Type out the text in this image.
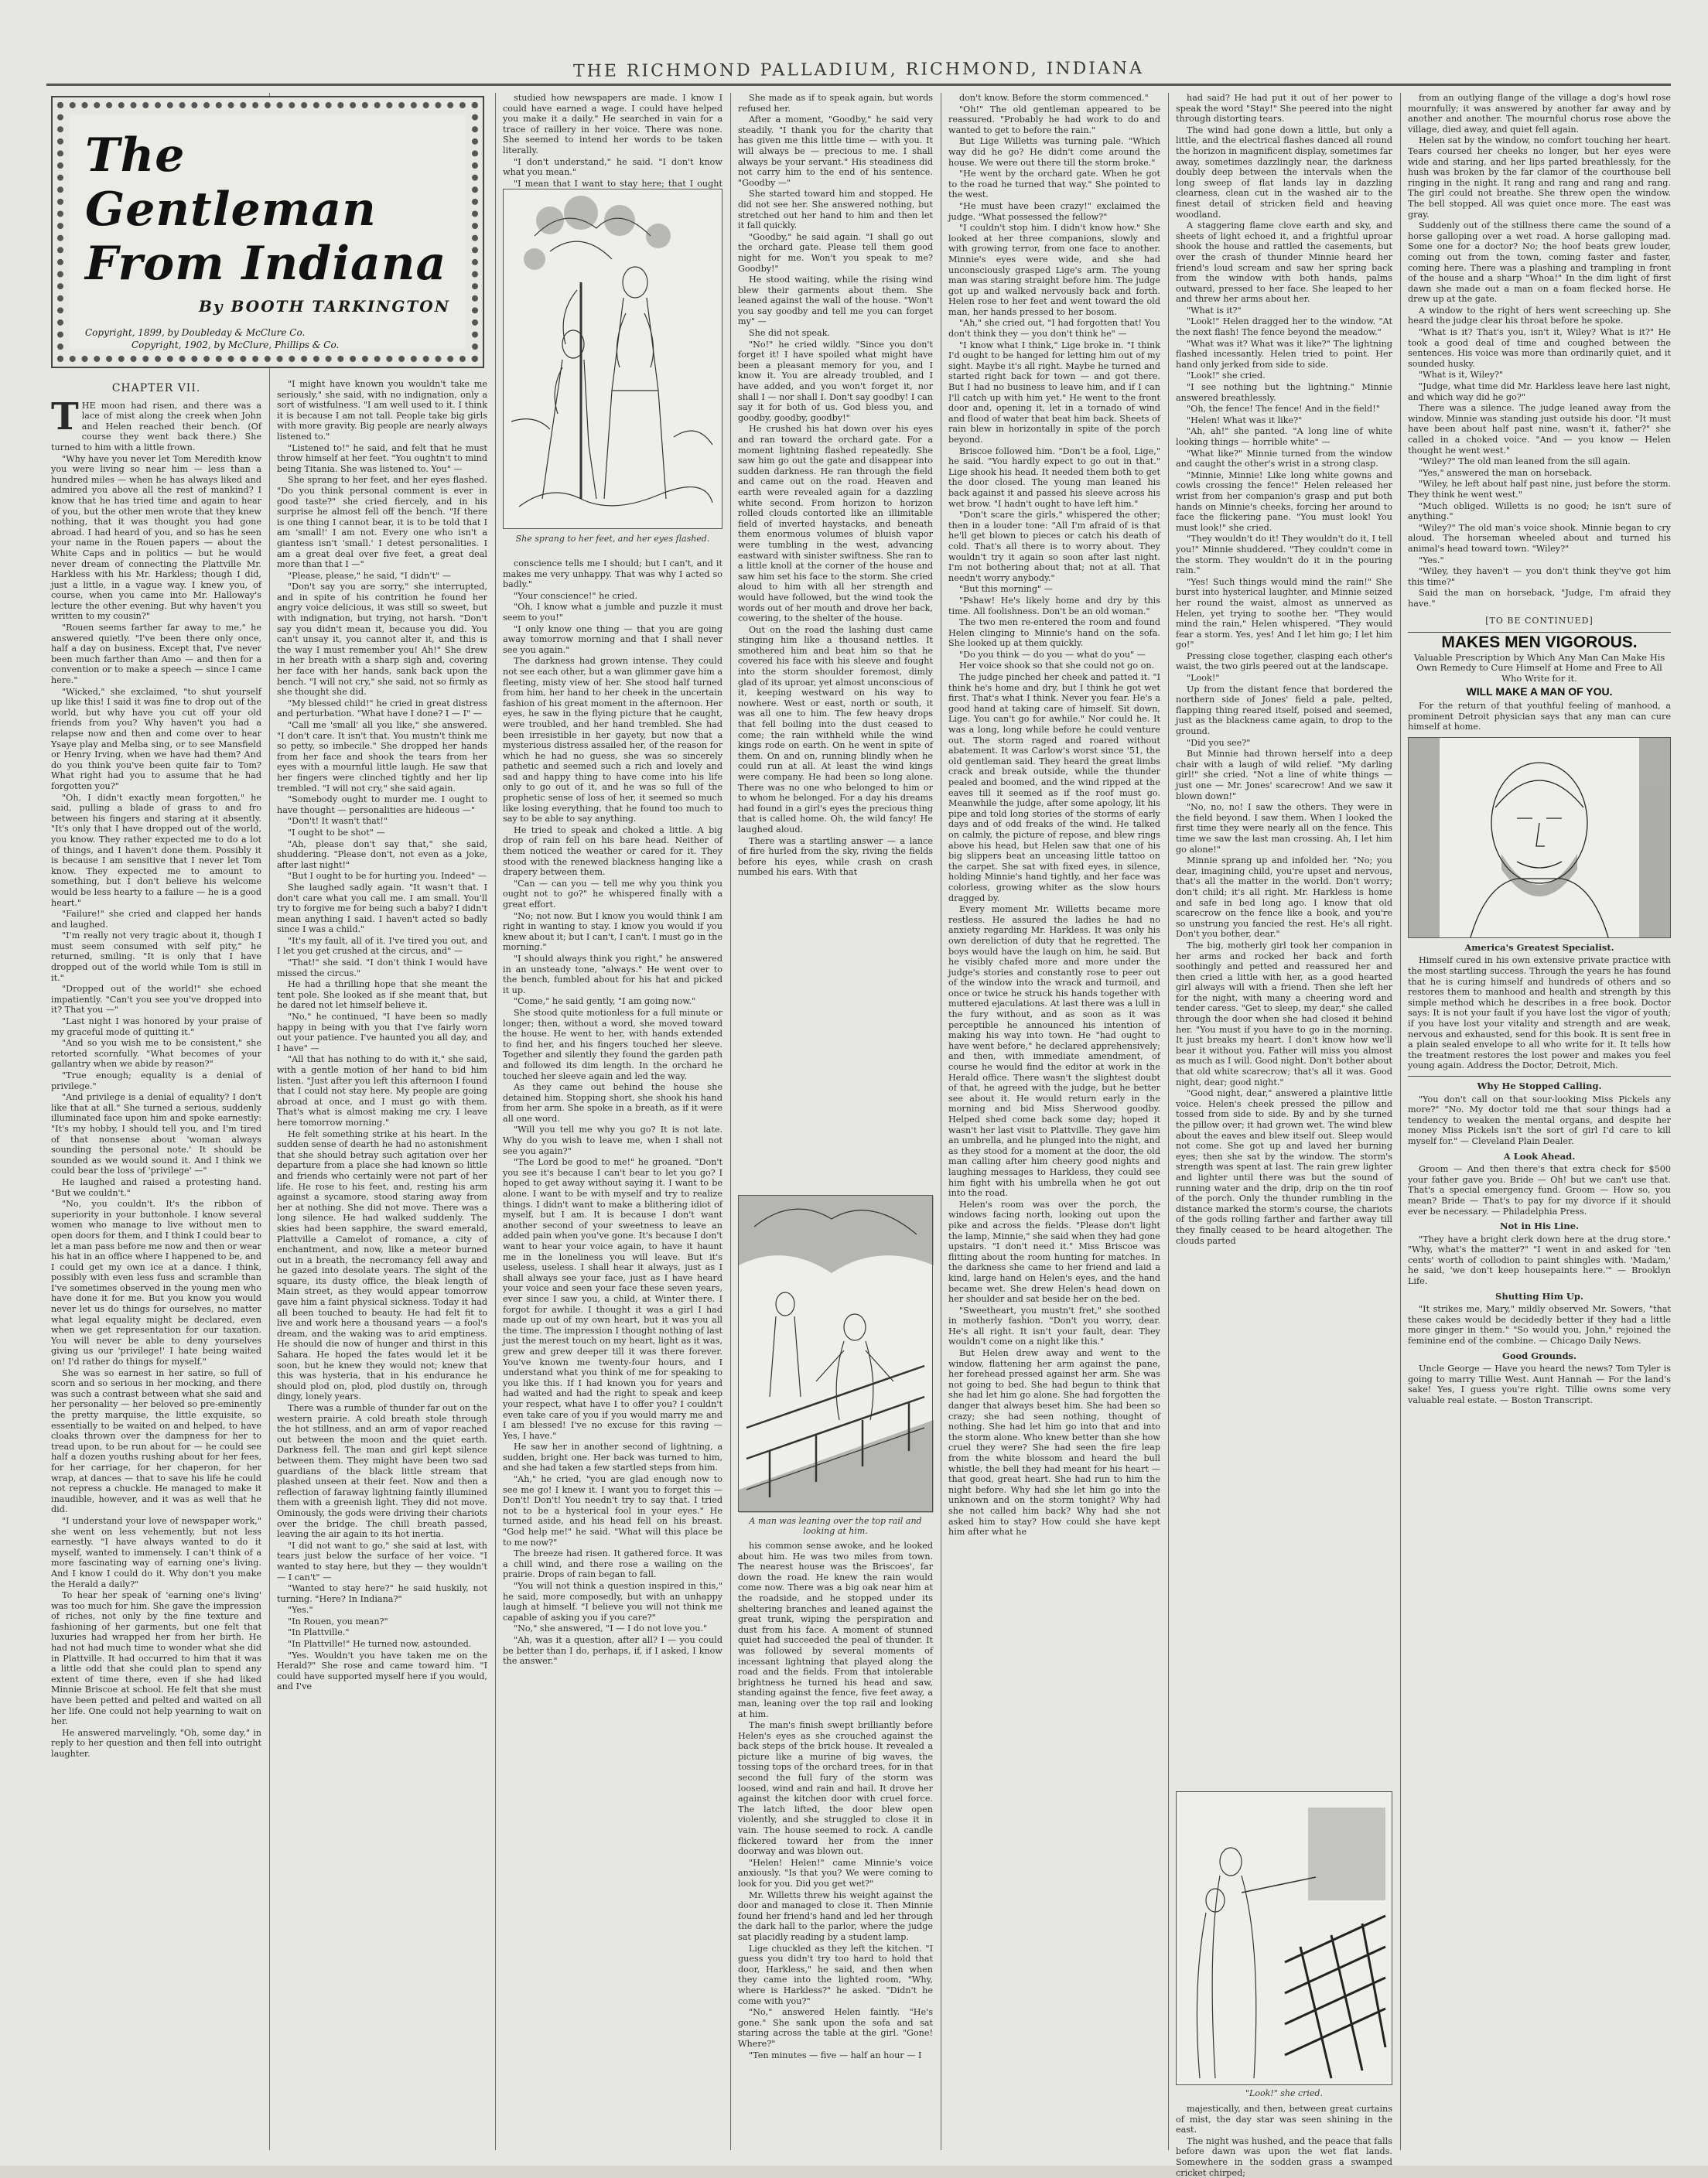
THE RICHMOND PALLADIUM, RICHMOND, INDIANA
The Gentleman
From Indiana
By BOOTH TARKINGTON
Copyright, 1899, by Doubleday & McClure Co.
Copyright, 1902, by McClure, Phillips & Co.
CHAPTER VII.

THE moon had risen, and there was a lace of mist along the creek when John and Helen reached their bench. (Of course they went back there.) She turned to him with a little frown.

"Why have you never let Tom Meredith know you were living so near him — less than a hundred miles — when he has always liked and admired you above all the rest of mankind? I know that he has tried time and again to hear of you, but the other men wrote that they knew nothing, that it was thought you had gone abroad. I had heard of you, and so has he seen your name in the Rouen papers — about the White Caps and in politics — but he would never dream of connecting the Plattville Mr. Harkless with his Mr. Harkless; though I did, just a little, in a vague way. I knew you, of course, when you came into Mr. Halloway's lecture the other evening. But why haven't you written to my cousin?"

"Rouen seems farther far away to me," he answered quietly. "I've been there only once, half a day on business. Except that, I've never been much farther than Amo — and then for a convention or to make a speech — since I came here."

"Wicked," she exclaimed, "to shut yourself up like this! I said it was fine to drop out of the world, but why have you cut off your old friends from you? Why haven't you had a relapse now and then and come over to hear Ysaye play and Melba sing, or to see Mansfield or Henry Irving, when we have had them? And do you think you've been quite fair to Tom? What right had you to assume that he had forgotten you?"

"Oh, I didn't exactly mean forgotten," he said, pulling a blade of grass to and fro between his fingers and staring at it absently. "It's only that I have dropped out of the world, you know. They rather expected me to do a lot of things, and I haven't done them. Possibly it is because I am sensitive that I never let Tom know. They expected me to amount to something, but I don't believe his welcome would be less hearty to a failure — he is a good heart."

"Failure!" she cried and clapped her hands and laughed.

"I'm really not very tragic about it, though I must seem consumed with self pity," he returned, smiling. "It is only that I have dropped out of the world while Tom is still in it."

"Dropped out of the world!" she echoed impatiently. "Can't you see you've dropped into it? That you —"

"Last night I was honored by your praise of my graceful mode of quitting it."

"And so you wish me to be consistent," she retorted scornfully. "What becomes of your gallantry when we abide by reason?"

"True enough; equality is a denial of privilege."

"And privilege is a denial of equality? I don't like that at all." She turned a serious, suddenly illuminated face upon him and spoke earnestly: "It's my hobby, I should tell you, and I'm tired of that nonsense about 'woman always sounding the personal note.' It should be sounded as we would sound it. And I think we could bear the loss of 'privilege' —"

He laughed and raised a protesting hand. "But we couldn't."

"No, you couldn't. It's the ribbon of superiority in your buttonhole. I know several women who manage to live without men to open doors for them, and I think I could bear to let a man pass before me now and then or wear his hat in an office where I happened to be, and I could get my own ice at a dance. I think, possibly with even less fuss and scramble than I've sometimes observed in the young men who have done it for me. But you know you would never let us do things for ourselves, no matter what legal equality might be declared, even when we get representation for our taxation. You will never be able to deny yourselves giving us our 'privilege!' I hate being waited on! I'd rather do things for myself."

She was so earnest in her satire, so full of scorn and so serious in her mocking, and there was such a contrast between what she said and her personality — her beloved so pre-eminently the pretty marquise, the little exquisite, so essentially to be waited on and helped, to have cloaks thrown over the dampness for her to tread upon, to be run about for — he could see half a dozen youths rushing about for her fees, for her carriage, for her chaperon, for her wrap, at dances — that to save his life he could not repress a chuckle. He managed to make it inaudible, however, and it was as well that he did.

"I understand your love of newspaper work," she went on less vehemently, but not less earnestly. "I have always wanted to do it myself, wanted to immensely. I can't think of a more fascinating way of earning one's living. And I know I could do it. Why don't you make the Herald a daily?"

To hear her speak of 'earning one's living' was too much for him. She gave the impression of riches, not only by the fine texture and fashioning of her garments, but one felt that luxuries had wrapped her from her birth. He had not had much time to wonder what she did in Plattville. It had occurred to him that it was a little odd that she could plan to spend any extent of time there, even if she had liked Minnie Briscoe at school. He felt that she must have been petted and pelted and waited on all her life. One could not help yearning to wait on her.

He answered marvelingly, "Oh, some day," in reply to her question and then fell into outright laughter.

"I might have known you wouldn't take me seriously," she said, with no indignation, only a sort of wistfulness. "I am well used to it. I think it is because I am not tall. People take big girls with more gravity. Big people are nearly always listened to."

"Listened to!" he said, and felt that he must throw himself at her feet. "You oughtn't to mind being Titania. She was listened to. You" —

She sprang to her feet, and her eyes flashed. "Do you think personal comment is ever in good taste?" she cried fiercely, and in his surprise he almost fell off the bench. "If there is one thing I cannot bear, it is to be told that I am 'small!' I am not. Every one who isn't a giantess isn't 'small.' I detest personalities. I am a great deal over five feet, a great deal more than that I —"

"Please, please," he said, "I didn't" —

"Don't say you are sorry," she interrupted, and in spite of his contrition he found her angry voice delicious, it was still so sweet, but with indignation, but trying, not harsh. "Don't say you didn't mean it, because you did. You can't unsay it, you cannot alter it, and this is the way I must remember you! Ah!" She drew in her breath with a sharp sigh and, covering her face with her hands, sank back upon the bench. "I will not cry," she said, not so firmly as she thought she did.

"My blessed child!" he cried in great distress and perturbation. "What have I done? I — I" —

"Call me 'small' all you like," she answered. "I don't care. It isn't that. You mustn't think me so petty, so imbecile." She dropped her hands from her face and shook the tears from her eyes with a mournful little laugh. He saw that her fingers were clinched tightly and her lip trembled. "I will not cry," she said again.

"Somebody ought to murder me. I ought to have thought — personalities are hideous —"

"Don't! It wasn't that!"

"I ought to be shot" —

"Ah, please don't say that," she said, shuddering. "Please don't, not even as a joke, after last night!"

"But I ought to be for hurting you. Indeed" —

She laughed sadly again. "It wasn't that. I don't care what you call me. I am small. You'll try to forgive me for being such a baby? I didn't mean anything I said. I haven't acted so badly since I was a child."

"It's my fault, all of it. I've tired you out, and I let you get crushed at the circus, and" —

"That!" she said. "I don't think I would have missed the circus."

He had a thrilling hope that she meant the tent pole. She looked as if she meant that, but he dared not let himself believe it.

"No," he continued, "I have been so madly happy in being with you that I've fairly worn out your patience. I've haunted you all day, and I have" —

"All that has nothing to do with it," she said, with a gentle motion of her hand to bid him listen. "Just after you left this afternoon I found that I could not stay here. My people are going abroad at once, and I must go with them. That's what is almost making me cry. I leave here tomorrow morning."

He felt something strike at his heart. In the sudden sense of dearth he had no astonishment that she should betray such agitation over her departure from a place she had known so little and friends who certainly were not part of her life. He rose to his feet, and, resting his arm against a sycamore, stood staring away from her at nothing. She did not move. There was a long silence. He had walked suddenly. The skies had been sapphire, the sward emerald, Plattville a Camelot of romance, a city of enchantment, and now, like a meteor burned out in a breath, the necromancy fell away and he gazed into desolate years. The sight of the square, its dusty office, the bleak length of Main street, as they would appear tomorrow gave him a faint physical sickness. Today it had all been touched to beauty. He had felt fit to live and work here a thousand years — a fool's dream, and the waking was to arid emptiness. He should die now of hunger and thirst in this Sahara. He hoped the fates would let it be soon, but he knew they would not; knew that this was hysteria, that in his endurance he should plod on, plod, plod dustily on, through dingy, lonely years.

There was a rumble of thunder far out on the western prairie. A cold breath stole through the hot stillness, and an arm of vapor reached out between the moon and the quiet earth. Darkness fell. The man and girl kept silence between them. They might have been two sad guardians of the black little stream that plashed unseen at their feet. Now and then a reflection of faraway lightning faintly illumined them with a greenish light. They did not move. Ominously, the gods were driving their chariots over the bridge. The chill breath passed, leaving the air again to its hot inertia.

"I did not want to go," she said at last, with tears just below the surface of her voice. "I wanted to stay here, but they — they wouldn't — I can't" —

"Wanted to stay here?" he said huskily, not turning. "Here? In Indiana?"

"Yes."

"In Rouen, you mean?"

"In Plattville."

"In Plattville!" He turned now, astounded.

"Yes. Wouldn't you have taken me on the Herald?" She rose and came toward him. "I could have supported myself here if you would, and I've

studied how newspapers are made. I know I could have earned a wage. I could have helped you make it a daily." He searched in vain for a trace of raillery in her voice. There was none. She seemed to intend her words to be taken literally.

"I don't understand," he said. "I don't know what you mean."

"I mean that I want to stay here; that I ought

She sprang to her feet, and her eyes flashed.

conscience tells me I should; but I can't, and it makes me very unhappy. That was why I acted so badly."

"Your conscience!" he cried.

"Oh, I know what a jumble and puzzle it must seem to you!"

"I only know one thing — that you are going away tomorrow morning and that I shall never see you again."

The darkness had grown intense. They could not see each other, but a wan glimmer gave him a fleeting, misty view of her. She stood half turned from him, her hand to her cheek in the uncertain fashion of his great moment in the afternoon. Her eyes, he saw in the flying picture that he caught, were troubled, and her hand trembled. She had been irresistible in her gayety, but now that a mysterious distress assailed her, of the reason for which he had no guess, she was so sincerely pathetic and seemed such a rich and lovely and sad and happy thing to have come into his life only to go out of it, and he was so full of the prophetic sense of loss of her, it seemed so much like losing everything, that he found too much to say to be able to say anything.

He tried to speak and choked a little. A big drop of rain fell on his bare head. Neither of them noticed the weather or cared for it. They stood with the renewed blackness hanging like a drapery between them.

"Can — can you — tell me why you think you ought not to go?" he whispered finally with a great effort.

"No; not now. But I know you would think I am right in wanting to stay. I know you would if you knew about it; but I can't, I can't. I must go in the morning."

"I should always think you right," he answered in an unsteady tone, "always." He went over to the bench, fumbled about for his hat and picked it up.

"Come," he said gently, "I am going now."

She stood quite motionless for a full minute or longer; then, without a word, she moved toward the house. He went to her, with hands extended to find her, and his fingers touched her sleeve. Together and silently they found the garden path and followed its dim length. In the orchard he touched her sleeve again and led the way.

As they came out behind the house she detained him. Stopping short, she shook his hand from her arm. She spoke in a breath, as if it were all one word.

"Will you tell me why you go? It is not late. Why do you wish to leave me, when I shall not see you again?"

"The Lord be good to me!" he groaned. "Don't you see it's because I can't bear to let you go? I hoped to get away without saying it. I want to be alone. I want to be with myself and try to realize things. I didn't want to make a blithering idiot of myself, but I am. It is because I don't want another second of your sweetness to leave an added pain when you've gone. It's because I don't want to hear your voice again, to have it haunt me in the loneliness you will leave. But it's useless, useless. I shall hear it always, just as I shall always see your face, just as I have heard your voice and seen your face these seven years, ever since I saw you, a child, at Winter there. I forgot for awhile. I thought it was a girl I had made up out of my own heart, but it was you all the time. The impression I thought nothing of last just the merest touch on my heart, light as it was, grew and grew deeper till it was there forever. You've known me twenty-four hours, and I understand what you think of me for speaking to you like this. If I had known you for years and had waited and had the right to speak and keep your respect, what have I to offer you? I couldn't even take care of you if you would marry me and I am blessed! I've no excuse for this raving — Yes, I have."

He saw her in another second of lightning, a sudden, bright one. Her back was turned to him, and she had taken a few startled steps from him.

"Ah," he cried, "you are glad enough now to see me go! I knew it. I want you to forget this — Don't! Don't! You needn't try to say that. I tried not to be a hysterical fool in your eyes." He turned aside, and his head fell on his breast. "God help me!" he said. "What will this place be to me now?"

The breeze had risen. It gathered force. It was a chill wind, and there rose a wailing on the prairie. Drops of rain began to fall.

"You will not think a question inspired in this," he said, more composedly, but with an unhappy laugh at himself. "I believe you will not think me capable of asking you if you care?"

"No," she answered, "I — I do not love you."

"Ah, was it a question, after all? I — you could be better than I do, perhaps, if, if I asked, I know the answer."

She made as if to speak again, but words refused her.

After a moment, "Goodby," he said very steadily. "I thank you for the charity that has given me this little time — with you. It will always be — precious to me. I shall always be your servant." His steadiness did not carry him to the end of his sentence. "Goodby —"

She started toward him and stopped. He did not see her. She answered nothing, but stretched out her hand to him and then let it fall quickly.

"Goodby," he said again. "I shall go out the orchard gate. Please tell them good night for me. Won't you speak to me? Goodby!"

He stood waiting, while the rising wind blew their garments about them. She leaned against the wall of the house. "Won't you say goodby and tell me you can forget my" —

She did not speak.

"No!" he cried wildly. "Since you don't forget it! I have spoiled what might have been a pleasant memory for you, and I know it. You are already troubled, and I have added, and you won't forget it, nor shall I — nor shall I. Don't say goodby! I can say it for both of us. God bless you, and goodby, goodby, goodby!"

He crushed his hat down over his eyes and ran toward the orchard gate. For a moment lightning flashed repeatedly. She saw him go out the gate and disappear into sudden darkness. He ran through the field and came out on the road. Heaven and earth were revealed again for a dazzling white second. From horizon to horizon rolled clouds contorted like an illimitable field of inverted haystacks, and beneath them enormous volumes of bluish vapor were tumbling in the west, advancing eastward with sinister swiftness. She ran to a little knoll at the corner of the house and saw him set his face to the storm. She cried aloud to him with all her strength and would have followed, but the wind took the words out of her mouth and drove her back, cowering, to the shelter of the house.

Out on the road the lashing dust came stinging him like a thousand nettles. It smothered him and beat him so that he covered his face with his sleeve and fought into the storm shoulder foremost, dimly glad of its uproar, yet almost unconscious of it, keeping westward on his way to nowhere. West or east, north or south, it was all one to him. The few heavy drops that fell boiling into the dust ceased to come; the rain withheld while the wind kings rode on earth. On he went in spite of them. On and on, running blindly when he could run at all. At least the wind kings were company. He had been so long alone. There was no one who belonged to him or to whom he belonged. For a day his dreams had found in a girl's eyes the precious thing that is called home. Oh, the wild fancy! He laughed aloud.

There was a startling answer — a lance of fire hurled from the sky, riving the fields before his eyes, while crash on crash numbed his ears. With that

A man was leaning over the top rail and looking at him.

his common sense awoke, and he looked about him. He was two miles from town. The nearest house was the Briscoes', far down the road. He knew the rain would come now. There was a big oak near him at the roadside, and he stopped under its sheltering branches and leaned against the great trunk, wiping the perspiration and dust from his face. A moment of stunned quiet had succeeded the peal of thunder. It was followed by several moments of incessant lightning that played along the road and the fields. From that intolerable brightness he turned his head and saw, standing against the fence, five feet away, a man, leaning over the top rail and looking at him.

The man's finish swept brilliantly before Helen's eyes as she crouched against the back steps of the brick house. It revealed a picture like a murine of big waves, the tossing tops of the orchard trees, for in that second the full fury of the storm was loosed, wind and rain and hail. It drove her against the kitchen door with cruel force. The latch lifted, the door blew open violently, and she struggled to close it in vain. The house seemed to rock. A candle flickered toward her from the inner doorway and was blown out.

"Helen! Helen!" came Minnie's voice anxiously. "Is that you? We were coming to look for you. Did you get wet?"

Mr. Willetts threw his weight against the door and managed to close it. Then Minnie found her friend's hand and led her through the dark hall to the parlor, where the judge sat placidly reading by a student lamp.

Lige chuckled as they left the kitchen. "I guess you didn't try too hard to hold that door, Harkless," he said, and then when they came into the lighted room, "Why, where is Harkless?" he asked. "Didn't he come with you?"

"No," answered Helen faintly. "He's gone." She sank upon the sofa and sat staring across the table at the girl. "Gone! Where?"

"Ten minutes — five — half an hour — I

don't know. Before the storm commenced."

"Oh!" The old gentleman appeared to be reassured. "Probably he had work to do and wanted to get to before the rain."

But Lige Willetts was turning pale. "Which way did he go? He didn't come around the house. We were out there till the storm broke."

"He went by the orchard gate. When he got to the road he turned that way." She pointed to the west.

"He must have been crazy!" exclaimed the judge. "What possessed the fellow?"

"I couldn't stop him. I didn't know how." She looked at her three companions, slowly and with growing terror, from one face to another. Minnie's eyes were wide, and she had unconsciously grasped Lige's arm. The young man was staring straight before him. The judge got up and walked nervously back and forth. Helen rose to her feet and went toward the old man, her hands pressed to her bosom.

"Ah," she cried out, "I had forgotten that! You don't think they — you don't think he" —

"I know what I think," Lige broke in. "I think I'd ought to be hanged for letting him out of my sight. Maybe it's all right. Maybe he turned and started right back for town — and got there. But I had no business to leave him, and if I can I'll catch up with him yet." He went to the front door and, opening it, let in a tornado of wind and flood of water that beat him back. Sheets of rain blew in horizontally in spite of the porch beyond.

Briscoe followed him. "Don't be a fool, Lige," he said. "You hardly expect to go out in that." Lige shook his head. It needed them both to get the door closed. The young man leaned his back against it and passed his sleeve across his wet brow. "I hadn't ought to have left him."

"Don't scare the girls," whispered the other; then in a louder tone: "All I'm afraid of is that he'll get blown to pieces or catch his death of cold. That's all there is to worry about. They wouldn't try it again so soon after last night. I'm not bothering about that; not at all. That needn't worry anybody."

"But this morning" —

"Pshaw! He's likely home and dry by this time. All foolishness. Don't be an old woman."

The two men re-entered the room and found Helen clinging to Minnie's hand on the sofa. She looked up at them quickly.

"Do you think — do you — what do you" —

Her voice shook so that she could not go on.

The judge pinched her cheek and patted it. "I think he's home and dry, but I think he got wet first. That's what I think. Never you fear. He's a good hand at taking care of himself. Sit down, Lige. You can't go for awhile." Nor could he. It was a long, long while before he could venture out. The storm raged and roared without abatement. It was Carlow's worst since '51, the old gentleman said. They heard the great limbs crack and break outside, while the thunder pealed and boomed, and the wind ripped at the eaves till it seemed as if the roof must go. Meanwhile the judge, after some apology, lit his pipe and told long stories of the storms of early days and of odd freaks of the wind. He talked on calmly, the picture of repose, and blew rings above his head, but Helen saw that one of his big slippers beat an unceasing little tattoo on the carpet. She sat with fixed eyes, in silence, holding Minnie's hand tightly, and her face was colorless, growing whiter as the slow hours dragged by.

Every moment Mr. Willetts became more restless. He assured the ladies he had no anxiety regarding Mr. Harkless. It was only his own dereliction of duty that he regretted. The boys would have the laugh on him, he said. But he visibly chafed more and more under the judge's stories and constantly rose to peer out of the window into the wrack and turmoil, and once or twice he struck his hands together with muttered ejaculations. At last there was a lull in the fury without, and as soon as it was perceptible he announced his intention of making his way into town. He "had ought to have went before," he declared apprehensively; and then, with immediate amendment, of course he would find the editor at work in the Herald office. There wasn't the slightest doubt of that, he agreed with the judge, but he better see about it. He would return early in the morning and bid Miss Sherwood goodby. Helped shed come back some day; hoped it wasn't her last visit to Plattville. They gave him an umbrella, and he plunged into the night, and as they stood for a moment at the door, the old man calling after him cheery good nights and laughing messages to Harkless, they could see him fight with his umbrella when he got out into the road.

Helen's room was over the porch, the windows facing north, looking out upon the pike and across the fields. "Please don't light the lamp, Minnie," she said when they had gone upstairs. "I don't need it." Miss Briscoe was flitting about the room hunting for matches. In the darkness she came to her friend and laid a kind, large hand on Helen's eyes, and the hand became wet. She drew Helen's head down on her shoulder and sat beside her on the bed.

"Sweetheart, you mustn't fret," she soothed in motherly fashion. "Don't you worry, dear. He's all right. It isn't your fault, dear. They wouldn't come on a night like this."

But Helen drew away and went to the window, flattening her arm against the pane, her forehead pressed against her arm. She was not going to bed. She had begun to think that she had let him go alone. She had forgotten the danger that always beset him. She had been so crazy; she had seen nothing, thought of nothing. She had let him go into that and into the storm alone. Who knew better than she how cruel they were? She had seen the fire leap from the white blossom and heard the bull whistle, the bell they had meant for his heart — that good, great heart. She had run to him the night before. Why had she let him go into the unknown and on the storm tonight? Why had she not called him back? Why had she not asked him to stay? How could she have kept him after what he

had said? He had put it out of her power to speak the word "Stay!" She peered into the night through distorting tears.

The wind had gone down a little, but only a little, and the electrical flashes danced all round the horizon in magnificent display, sometimes far away, sometimes dazzlingly near, the darkness doubly deep between the intervals when the long sweep of flat lands lay in dazzling clearness, clean cut in the washed air to the finest detail of stricken field and heaving woodland.

A staggering flame clove earth and sky, and sheets of light echoed it, and a frightful uproar shook the house and rattled the casements, but over the crash of thunder Minnie heard her friend's loud scream and saw her spring back from the window with both hands, palms outward, pressed to her face. She leaped to her and threw her arms about her.

"What is it?"

"Look!" Helen dragged her to the window. "At the next flash! The fence beyond the meadow."

"What was it? What was it like?" The lightning flashed incessantly. Helen tried to point. Her hand only jerked from side to side.

"Look!" she cried.

"I see nothing but the lightning." Minnie answered breathlessly.

"Oh, the fence! The fence! And in the field!"

"Helen! What was it like?"

"Ah, ah!" she panted. "A long line of white looking things — horrible white" —

"What like?" Minnie turned from the window and caught the other's wrist in a strong clasp.

"Minnie, Minnie! Like long white gowns and cowls crossing the fence!" Helen released her wrist from her companion's grasp and put both hands on Minnie's cheeks, forcing her around to face the flickering pane. "You must look! You must look!" she cried.

"They wouldn't do it! They wouldn't do it, I tell you!" Minnie shuddered. "They couldn't come in the storm. They wouldn't do it in the pouring rain."

"Yes! Such things would mind the rain!" She burst into hysterical laughter, and Minnie seized her round the waist, almost as unnerved as Helen, yet trying to soothe her. "They would mind the rain," Helen whispered. "They would fear a storm. Yes, yes! And I let him go; I let him go!"

Pressing close together, clasping each other's waist, the two girls peered out at the landscape.

"Look!"

Up from the distant fence that bordered the northern side of Jones' field a pale, pelted, flapping thing reared itself, poised and seemed, just as the blackness came again, to drop to the ground.

"Did you see?"

But Minnie had thrown herself into a deep chair with a laugh of wild relief. "My darling girl!" she cried. "Not a line of white things — just one — Mr. Jones' scarecrow! And we saw it blown down!"

"No, no, no! I saw the others. They were in the field beyond. I saw them. When I looked the first time they were nearly all on the fence. This time we saw the last man crossing. Ah, I let him go alone!"

Minnie sprang up and infolded her. "No; you dear, imagining child, you're upset and nervous, that's all the matter in the world. Don't worry; don't child; it's all right. Mr. Harkless is home and safe in bed long ago. I know that old scarecrow on the fence like a book, and you're so unstrung you fancied the rest. He's all right. Don't you bother, dear."

The big, motherly girl took her companion in her arms and rocked her back and forth soothingly and petted and reassured her and then cried a little with her, as a good hearted girl always will with a friend. Then she left her for the night, with many a cheering word and tender caress. "Get to sleep, my dear," she called through the door when she had closed it behind her. "You must if you have to go in the morning. It just breaks my heart. I don't know how we'll bear it without you. Father will miss you almost as much as I will. Good night. Don't bother about that old white scarecrow; that's all it was. Good night, dear; good night."

"Good night, dear," answered a plaintive little voice. Helen's cheek pressed the pillow and tossed from side to side. By and by she turned the pillow over; it had grown wet. The wind blew about the eaves and blew itself out. Sleep would not come. She got up and laved her burning eyes; then she sat by the window. The storm's strength was spent at last. The rain grew lighter and lighter until there was but the sound of running water and the drip, drip on the tin roof of the porch. Only the thunder rumbling in the distance marked the storm's course, the chariots of the gods rolling farther and farther away till they finally ceased to be heard altogether. The clouds parted

"Look!" she cried.

majestically, and then, between great curtains of mist, the day star was seen shining in the east.

The night was hushed, and the peace that falls before dawn was upon the wet flat lands. Somewhere in the sodden grass a swamped cricket chirped;

from an outlying flange of the village a dog's howl rose mournfully; it was answered by another far away and by another and another. The mournful chorus rose above the village, died away, and quiet fell again.

Helen sat by the window, no comfort touching her heart. Tears coursed her cheeks no longer, but her eyes were wide and staring, and her lips parted breathlessly, for the hush was broken by the far clamor of the courthouse bell ringing in the night. It rang and rang and rang and rang. The girl could not breathe. She threw open the window. The bell stopped. All was quiet once more. The east was gray.

Suddenly out of the stillness there came the sound of a horse galloping over a wet road. A horse galloping mad. Some one for a doctor? No; the hoof beats grew louder, coming out from the town, coming faster and faster, coming here. There was a plashing and trampling in front of the house and a sharp "Whoa!" In the dim light of first dawn she made out a man on a foam flecked horse. He drew up at the gate.

A window to the right of hers went screeching up. She heard the judge clear his throat before he spoke.

"What is it? That's you, isn't it, Wiley? What is it?" He took a good deal of time and coughed between the sentences. His voice was more than ordinarily quiet, and it sounded husky.

"What is it, Wiley?"

"Judge, what time did Mr. Harkless leave here last night, and which way did he go?"

There was a silence. The judge leaned away from the window. Minnie was standing just outside his door. "It must have been about half past nine, wasn't it, father?" she called in a choked voice. "And — you know — Helen thought he went west."

"Wiley?" The old man leaned from the sill again.

"Yes," answered the man on horseback.

"Wiley, he left about half past nine, just before the storm. They think he went west."

"Much obliged. Willetts is no good; he isn't sure of anything."

"Wiley?" The old man's voice shook. Minnie began to cry aloud. The horseman wheeled about and turned his animal's head toward town. "Wiley?"

"Yes."

"Wiley, they haven't — you don't think they've got him this time?"

Said the man on horseback, "Judge, I'm afraid they have."

[TO BE CONTINUED]
MAKES MEN VIGOROUS.
Valuable Prescription by Which Any Man Can Make His Own Remedy to Cure Himself at Home and Free to All Who Write for it.
WILL MAKE A MAN OF YOU.

For the return of that youthful feeling of manhood, a prominent Detroit physician says that any man can cure himself at home.

America's Greatest Specialist.

Himself cured in his own extensive private practice with the most startling success. Through the years he has found that he is curing himself and hundreds of others and so restores them to manhood and health and strength by this simple method which he describes in a free book. Doctor says: It is not your fault if you have lost the vigor of youth; if you have lost your vitality and strength and are weak, nervous and exhausted, send for this book. It is sent free in a plain sealed envelope to all who write for it. It tells how the treatment restores the lost power and makes you feel young again. Address the Doctor, Detroit, Mich.

Why He Stopped Calling.

"You don't call on that sour-looking Miss Pickels any more?" "No. My doctor told me that sour things had a tendency to weaken the mental organs, and despite her money Miss Pickels isn't the sort of girl I'd care to kill myself for." — Cleveland Plain Dealer.

A Look Ahead.

Groom — And then there's that extra check for $500 your father gave you. Bride — Oh! but we can't use that. That's a special emergency fund. Groom — How so, you mean? Bride — That's to pay for my divorce if it should ever be necessary. — Philadelphia Press.

Not in His Line.

"They have a bright clerk down here at the drug store." "Why, what's the matter?" "I went in and asked for 'ten cents' worth of collodion to paint shingles with. 'Madam,' he said, 'we don't keep housepaints here.'" — Brooklyn Life.

Shutting Him Up.

"It strikes me, Mary," mildly observed Mr. Sowers, "that these cakes would be decidedly better if they had a little more ginger in them." "So would you, John," rejoined the feminine end of the combine. — Chicago Daily News.

Good Grounds.

Uncle George — Have you heard the news? Tom Tyler is going to marry Tillie West. Aunt Hannah — For the land's sake! Yes, I guess you're right. Tillie owns some very valuable real estate. — Boston Transcript.
